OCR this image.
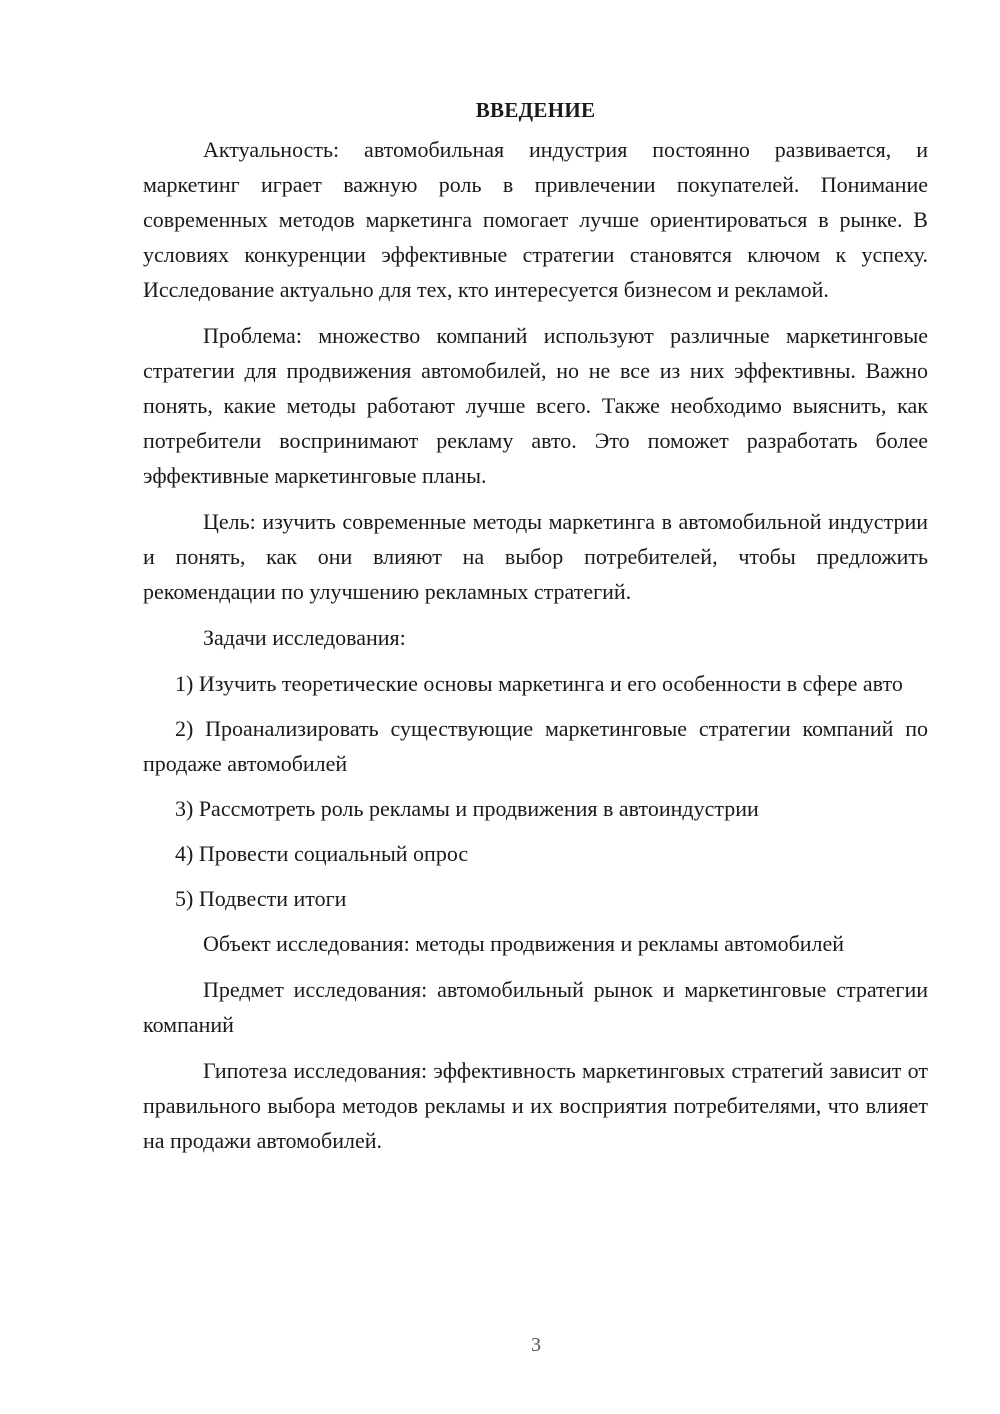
ВВЕДЕНИЕ

Актуальность: автомобильная индустрия постоянно развивается, и маркетинг играет важную роль в привлечении покупателей. Понимание современных методов маркетинга помогает лучше ориентироваться в рынке. В условиях конкуренции эффективные стратегии становятся ключом к успеху. Исследование актуально для тех, кто интересуется бизнесом и рекламой.

Проблема: множество компаний используют различные маркетинговые стратегии для продвижения автомобилей, но не все из них эффективны. Важно понять, какие методы работают лучше всего. Также необходимо выяснить, как потребители воспринимают рекламу авто. Это поможет разработать более эффективные маркетинговые планы.

Цель: изучить современные методы маркетинга в автомобильной индустрии и понять, как они влияют на выбор потребителей, чтобы предложить рекомендации по улучшению рекламных стратегий.

Задачи исследования:

1) Изучить теоретические основы маркетинга и его особенности в сфере авто

2) Проанализировать существующие маркетинговые стратегии компаний по продаже автомобилей

3) Рассмотреть роль рекламы и продвижения в автоиндустрии

4) Провести социальный опрос

5) Подвести итоги

Объект исследования: методы продвижения и рекламы автомобилей

Предмет исследования: автомобильный рынок и маркетинговые стратегии компаний

Гипотеза исследования: эффективность маркетинговых стратегий зависит от правильного выбора методов рекламы и их восприятия потребителями, что влияет на продажи автомобилей.

3
